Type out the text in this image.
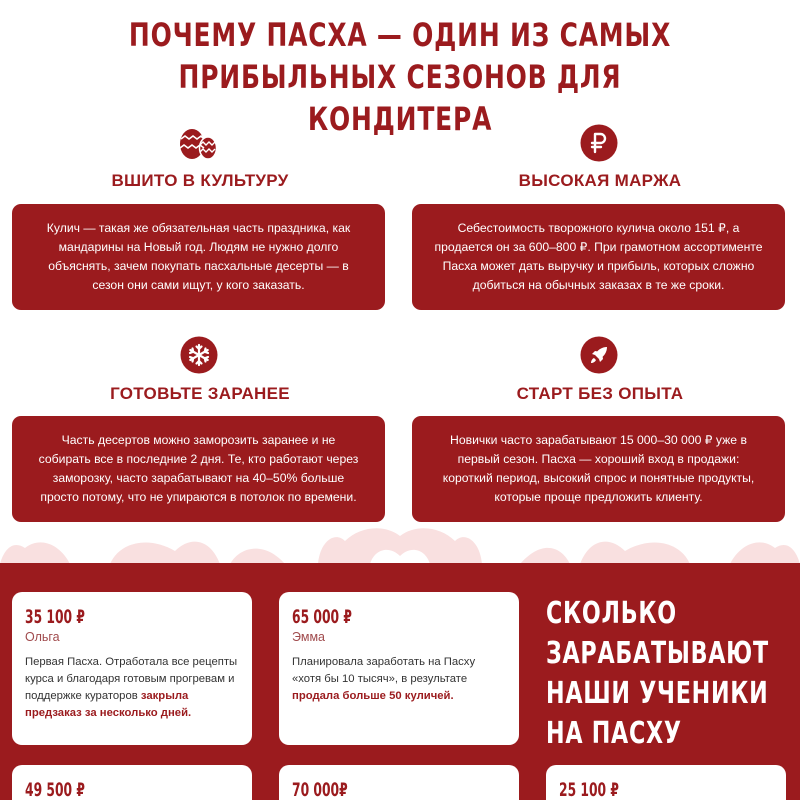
ПОЧЕМУ ПАСХА — ОДИН ИЗ САМЫХ
ПРИБЫЛЬНЫХ СЕЗОНОВ ДЛЯ КОНДИТЕРА
ВШИТО В КУЛЬТУРУ

Кулич — такая же обязательная часть праздника, как мандарины на Новый год. Людям не нужно долго объяснять, зачем покупать пасхальные десерты — в сезон они сами ищут, у кого заказать.

ВЫСОКАЯ МАРЖА

Себестоимость творожного кулича около 151 ₽, а продается он за 600–800 ₽. При грамотном ассортименте Пасха может дать выручку и прибыль, которых сложно добиться на обычных заказах в те же сроки.

ГОТОВЬТЕ ЗАРАНЕЕ

Часть десертов можно заморозить заранее и не собирать все в последние 2 дня. Те, кто работают через заморозку, часто зарабатывают на 40–50% больше просто потому, что не упираются в потолок по времени.

СТАРТ БЕЗ ОПЫТА

Новички часто зарабатывают 15 000–30 000 ₽ уже в первый сезон. Пасха — хороший вход в продажи: короткий период, высокий спрос и понятные продукты, которые проще предложить клиенту.

35 100 ₽
Ольга

Первая Пасха. Отработала все рецепты курса и благодаря готовым прогревам и поддержке кураторов закрыла предзаказ за несколько дней.

65 000 ₽
Эмма

Планировала заработать на Пасху «хотя бы 10 тысяч», в результате продала больше 50 куличей.

СКОЛЬКО
ЗАРАБАТЫВАЮТ
НАШИ УЧЕНИКИ
НА ПАСХУ
49 500 ₽	70 000₽	25 100 ₽
